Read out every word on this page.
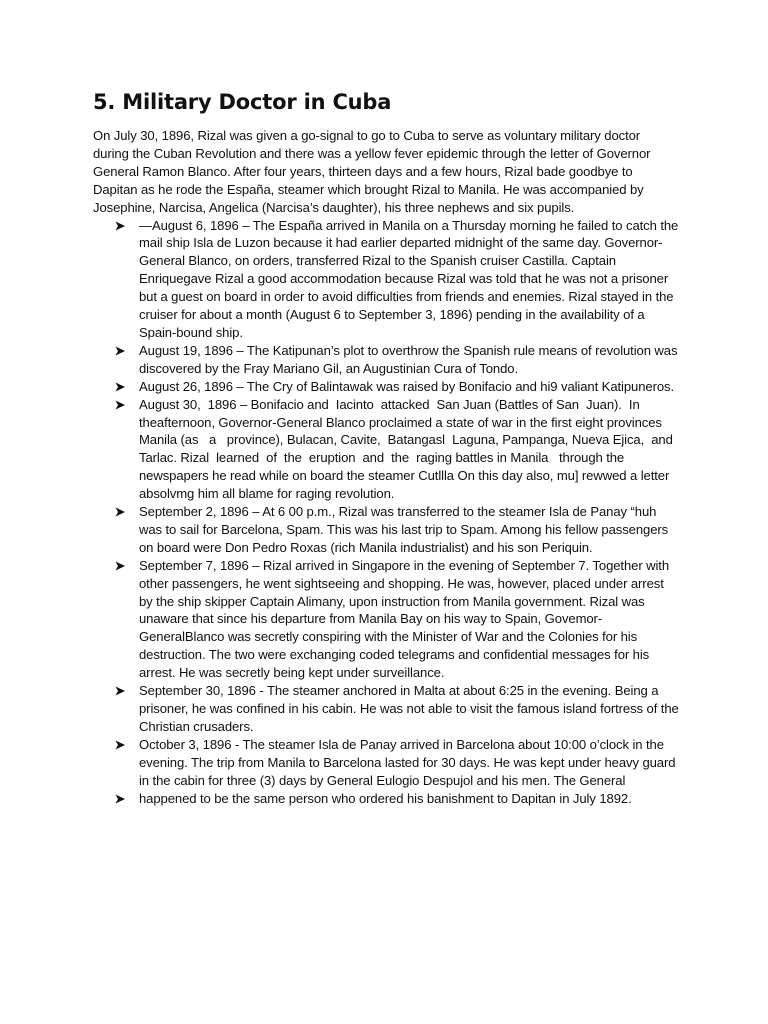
5. Military Doctor in Cuba

On July 30, 1896, Rizal was given a go-signal to go to Cuba to serve as voluntary military doctor during the Cuban Revolution and there was a yellow fever epidemic through the letter of Governor General Ramon Blanco. After four years, thirteen days and a few hours, Rizal bade goodbye to Dapitan as he rode the España, steamer which brought Rizal to Manila. He was accompanied by Josephine, Narcisa, Angelica (Narcisa’s daughter), his three nephews and six pupils.

—August 6, 1896 – The España arrived in Manila on a Thursday morning he failed to catch the mail ship Isla de Luzon because it had earlier departed midnight of the same day. Governor- General Blanco, on orders, transferred Rizal to the Spanish cruiser Castilla. Captain Enriquegave Rizal a good accommodation because Rizal was told that he was not a prisoner but a guest on board in order to avoid difficulties from friends and enemies. Rizal stayed in the cruiser for about a month (August 6 to September 3, 1896) pending in the availability of a Spain-bound ship.
August 19, 1896 – The Katipunan’s plot to overthrow the Spanish rule means of revolution was discovered by the Fray Mariano Gil, an Augustinian Cura of Tondo.
August 26, 1896 – The Cry of Balintawak was raised by Bonifacio and hi9 valiant Katipuneros.
August 30,  1896 – Bonifacio and  Iacinto  attacked  San Juan (Battles of San  Juan).  In theafternoon, Governor-General Blanco proclaimed a state of war in the first eight provinces Manila (as   a   province), Bulacan, Cavite,  Batangasl  Laguna, Pampanga, Nueva Ejica,  and Tarlac. Rizal  learned  of  the  eruption  and  the  raging battles in Manila   through the newspapers he read while on board the steamer Cutllla On this day also, mu] rewwed a letter absolvmg him all blame for raging revolution.
September 2, 1896 – At 6 00 p.m., Rizal was transferred to the steamer Isla de Panay “huh was to sail for Barcelona, Spam. This was his last trip to Spam. Among his fellow passengers on board were Don Pedro Roxas (rich Manila industrialist) and his son Periquin.
September 7, 1896 – Rizal arrived in Singapore in the evening of September 7. Together with other passengers, he went sightseeing and shopping. He was, however, placed under arrest by the ship skipper Captain Alimany, upon instruction from Manila government. Rizal was unaware that since his departure from Manila Bay on his way to Spain, Govemor-GeneralBlanco was secretly conspiring with the Minister of War and the Colonies for his destruction. The two were exchanging coded telegrams and confidential messages for his arrest. He was secretly being kept under surveillance.
September 30, 1896 - The steamer anchored in Malta at about 6:25 in the evening. Being a prisoner, he was confined in his cabin. He was not able to visit the famous island fortress of the Christian crusaders.
October 3, 1896 - The steamer Isla de Panay arrived in Barcelona about 10:00 o’clock in the evening. The trip from Manila to Barcelona lasted for 30 days. He was kept under heavy guard in the cabin for three (3) days by General Eulogio Despujol and his men. The General
happened to be the same person who ordered his banishment to Dapitan in July 1892.
